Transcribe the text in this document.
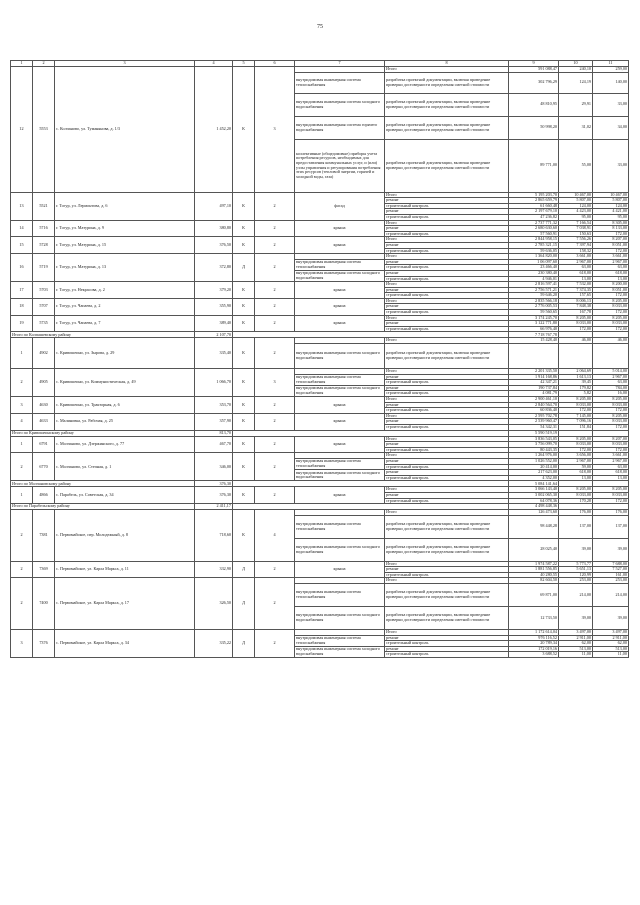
75
1	2	3	4	5	6	7	8	9	10	11
12	5553	с. Колчаново, ул. Туманянова, д. 1/3	1 452,20	К	3		Итого	591 088,47	240,10	259,00
						внутридомовая инженерная система теплоснабжения	разработка проектной документации, включая проведение проверки достоверности определения сметной стоимости	302 796,29	124,19	140,00
						внутридомовая инженерная система холодного водоснабжения	разработка проектной документации, включая проведение проверки достоверности определения сметной стоимости	48 810,95	29,91	33,00
						внутридомовая инженерная система горячего водоснабжения	разработка проектной документации, включая проведение проверки достоверности определения сметной стоимости	50 998,20	31,02	34,00
						коллективные (общедомовые) приборы учета потребления ресурсов, необходимых для предоставления коммунальных услуг, и (или) узлы управления и регулирования потребления этих ресурсов (тепловой энергии, горячей и холодной воды, газа)	разработка проектной документации, включая проведение проверки достоверности определения сметной стоимости	89 771,00	55,00	33,00
13	5521	г. Тогур, ул. Лермонтова, д. 6	497,10	К	2	фасад	Итого	5 195 203,70	10 467,00	10 467,00
							ремонт	2 865 659,79	5 807,00	5 807,00
							строительный контроль	61 660,48	124,00	124,00
							ремонт	2 197 679,10	4 423,00	4 421,00
							строительный контроль	47 236,82	95,00	95,00
14	5716	г. Тогур, ул. Матурина, д. 9	380,80	К	2	крыша	Итого	2 737 771,32	7 166,54	8 305,00
							ремонт	2 680 630,60	7 038,91	8 133,00
							строительный контроль	57 560,91	150,63	172,00
15	5728	г. Тогур, ул. Матурина, д. 15	376,50	К	2	крыша	Итого	2 844 958,15	7 556,26	8 207,00
							ремонт	2 785 321,15	7 397,94	8 051,00
							строительный контроль	59 636,05	158,32	172,00
16	5719	г. Тогур, ул. Матурина, д. 13	372,80	Д	2		Итого	1 364 820,00	3 661,00	3 661,00
						внутридомовая инженерная система теплоснабжения	ремонт	1 06 097,60	2 967,00	2 967,00
							строительный контроль	23 466,40	63,00	63,00
						внутридомовая инженерная система холодного водоснабжения	ремонт	230 380,40	618,00	618,00
							строительный контроль	4 946,01	13,00	13,00
17	5703	г. Тогур, ул. Некрасова, д. 2	379,20	К	2	крыша	Итого	2 816 597,41	7 532,00	8 200,00
							ремонт	2 756 571,21	7 374,35	8 051,00
							строительный контроль	59 646,20	157,65	172,00
18	5707	г. Тогур, ул. Чапаева, д. 2	355,90	К	2	крыша	Итого	2 835 566,18	8 006,13	8 205,00
							ремонт	2 776 005,53	7 848,38	8 033,00
							строительный контроль	59 560,65	167,78	172,00
19	5735	г. Тогур, ул. Чапаева, д. 7	389,40	К	2	крыша	Итого	3 174 245,70	8 205,00	8 205,00
							ремонт	3 122 771,80	8 033,00	8 033,00
							строительный контроль	66 976,40	172,00	172,00
Итого по Колпашевскому району			2 107,70					7 718 767,78		
1	4902	с. Кривошеино, ул. Зырова, д. 29	335,40	К	2		Итого	15 428,40	46,00	46,00
						внутридомовая инженерная система холодного водоснабжения	разработка проектной документации, включая проведение проверки достоверности определения сметной стоимости			
2	4905	с. Кривошеино, ул. Коммунистическая, д. 49	1 066,70	К	3		Итого	2 201 335,50	2 064,69	5 014,00
						внутридомовая инженерная система теплоснабжения	ремонт	1 914 168,86	1 613,13	2 967,00
							строительный контроль	42 347,21	39,45	63,00
						внутридомовая инженерная система холодного водоснабжения	ремонт	190 737,84	179,82	784,00
							строительный контроль	4 081,79	5,82	16,00
3	4630	с. Кривошеино, ул. Тракторная, д. 6	353,70	К	2	крыша	Итого	2 900 461,10	8 205,00	8 205,00
							ремонт	2 840 564,70	8 033,00	8 033,00
							строительный контроль	60 836,40	172,00	172,00
4	4633	с. Малиновка, ул. Рабочая, д. 25	357,90	К	2	крыша	Итого	2 595 702,78	7 145,00	8 205,00
							ремонт	2 539 960,47	7 096,16	8 033,00
							строительный контроль	54 342,31	151,84	172,00
Итого по Кривошеинскому району			813,70					5 590 519,19		
1	6791	с. Молчаново, ул. Дзержинского, д. 77	467,70	К	2	крыша	Итого	3 836 543,05	8 205,00	8 207,00
							ремонт	3 756 099,70	8 033,00	8 033,00
							строительный контроль	80 443,35	172,00	172,00
2	6770	с. Молчаново, ул. Степная, д. 1	346,00	К	2		Итого	1 264 976,00	3 656,00	3 661,00
						внутридомовая инженерная система теплоснабжения	ремонт	1 026 552,00	2 967,00	2 967,00
							строительный контроль	20 414,00	59,00	63,00
						внутридомовая инженерная система холодного водоснабжения	ремонт	217 623,00	618,00	618,00
							строительный контроль	4 352,00	13,00	13,00
Итого по Молчановскому району			376,30					5 084 141,64		
1	4866	с. Парабель, ул. Советская, д. 34	376,30	К	2	крыша	Итого	3 066 143,40	8 205,00	8 205,00
							ремонт	3 002 065,30	8 033,00	8 033,00
							строительный контроль	64 078,36	170,28	172,00
Итого по Парабельскому району			2 411,17					4 498 448,36		
2	7381	с. Первомайское, пер. Молодежный, д. 8	718,60	К	4		Итого	126 473,60	176,00	176,00
						внутридомовая инженерная система теплоснабжения	разработка проектной документации, включая проведение проверки достоверности определения сметной стоимости	98 448,28	137,00	137,00
						внутридомовая инженерная система холодного водоснабжения	разработка проектной документации, включая проведение проверки достоверности определения сметной стоимости	28 025,40	39,00	39,00
2	7369	с. Первомайское, ул. Карла Маркса, д. 11	332,90	Д	2	крыша	Итого	1 974 587,22	5 773,77	7 688,00
							ремонт	1 881 556,85	5 651,13	7 527,00
							строительный контроль	40 280,55	120,99	161,00
2	7400	с. Первомайское, ул. Карла Маркса, д. 17	326,50	Д	2		Итого	82 604,50	253,00	253,00
						внутридомовая инженерная система теплоснабжения	разработка проектной документации, включая проведение проверки достоверности определения сметной стоимости	69 871,00	214,00	214,00
						внутридомовая инженерная система холодного водоснабжения	разработка проектной документации, включая проведение проверки достоверности определения сметной стоимости	12 733,50	39,00	39,00
3	7376	с. Первомайское, ул. Карла Маркса, д. 34	335,22	Д	2		Итого	1 172 614,04	3 497,00	3 497,00
						внутридомовая инженерная система теплоснабжения	ремонт	976 116,52	2 911,00	2 911,00
							строительный контроль	20 789,34	62,00	62,00
						внутридомовая инженерная система холодного водоснабжения	ремонт	172 019,16	513,00	513,00
							строительный контроль	3 688,52	11,00	11,00
